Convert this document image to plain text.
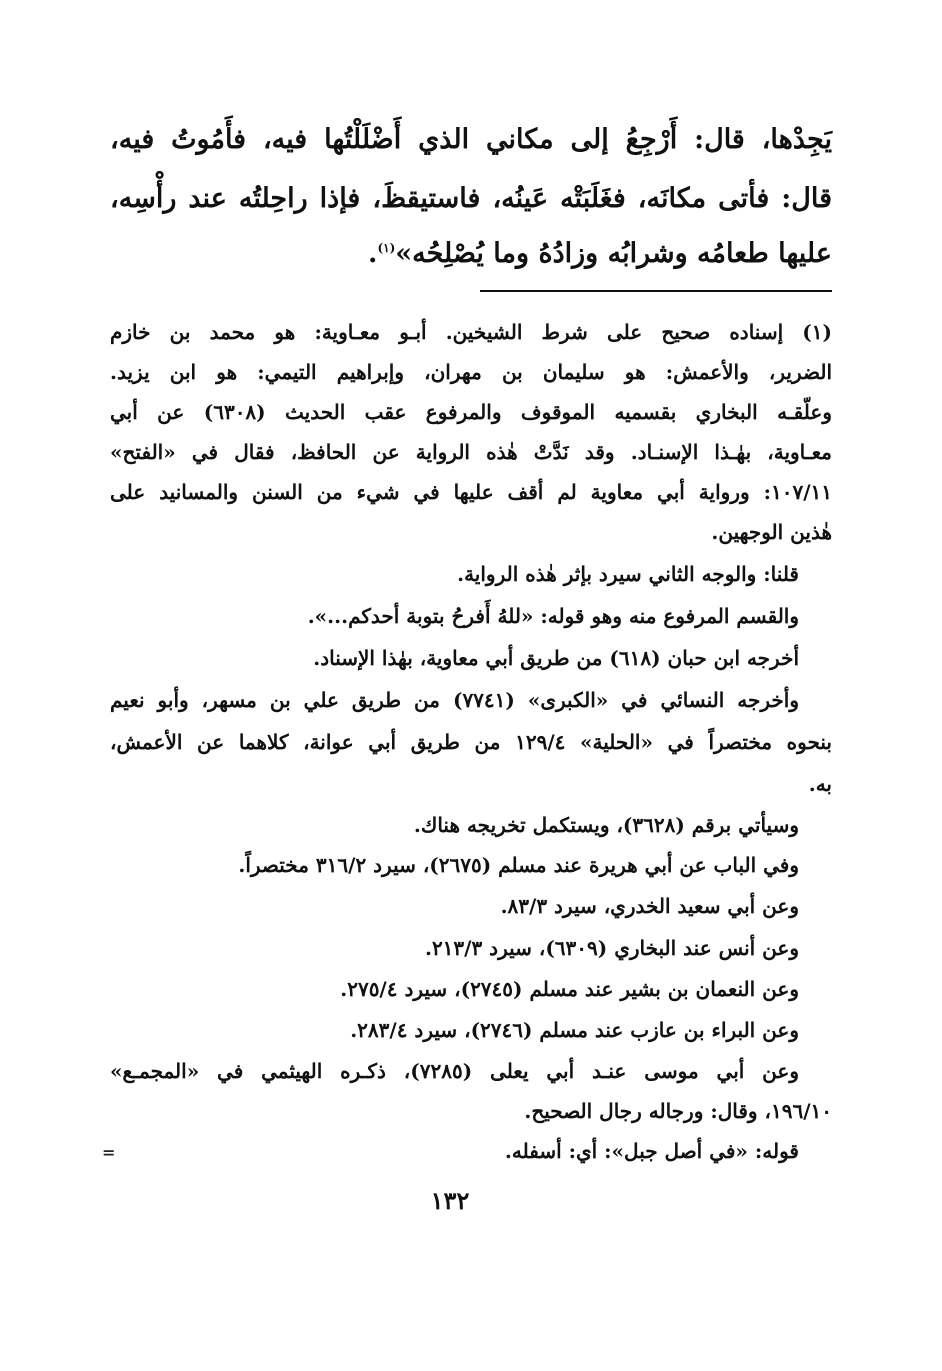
يَجِدْها، قال: أَرْجِعُ إلى مكاني الذي أَضْلَلْتُها فيه، فأَمُوتُ فيه،
قال: فأتى مكانَه، فغَلَبَتْه عَينُه، فاستيقظَ، فإذا راحِلتُه عند رأْسِه،
عليها طعامُه وشرابُه وزادُهُ وما يُصْلِحُه»$^{(١)}$.
(١) إسناده صحيح على شرط الشيخين. أبـو معـاوية: هو محمد بن خازم
الضرير، والأعمش: هو سليمان بن مهران، وإبراهيم التيمي: هو ابن يزيد.
وعلّقـه البخاري بقسميه الموقوف والمرفوع عقب الحديث (٦٣٠٨) عن أبي
معـاوية، بهٰـذا الإسنـاد. وقد نَدَّتْ هٰذه الرواية عن الحافظ، فقال في «الفتح»
١٠٧/١١: ورواية أبي معاوية لم أقف عليها في شيء من السنن والمسانيد على
هٰذين الوجهين.
قلنا: والوجه الثاني سيرد بإثر هٰذه الرواية.
والقسم المرفوع منه وهو قوله: «للهُ أَفرحُ بتوبة أحدكم...».
أخرجه ابن حبان (٦١٨) من طريق أبي معاوية، بهٰذا الإسناد.
وأخرجه النسائي في «الكبرى» (٧٧٤١) من طريق علي بن مسهر، وأبو نعيم
بنحوه مختصراً في «الحلية» ١٢٩/٤ من طريق أبي عوانة، كلاهما عن الأعمش،
به.
وسيأتي برقم (٣٦٢٨)، ويستكمل تخريجه هناك.
وفي الباب عن أبي هريرة عند مسلم (٢٦٧٥)، سيرد ٣١٦/٢ مختصراً.
وعن أبي سعيد الخدري، سيرد ٨٣/٣.
وعن أنس عند البخاري (٦٣٠٩)، سيرد ٢١٣/٣.
وعن النعمان بن بشير عند مسلم (٢٧٤٥)، سيرد ٢٧٥/٤.
وعن البراء بن عازب عند مسلم (٢٧٤٦)، سيرد ٢٨٣/٤.
وعن أبي موسى عنـد أبي يعلى (٧٢٨٥)، ذكـره الهيثمي في «المجمـع»
١٩٦/١٠، وقال: ورجاله رجال الصحيح.
قوله: «في أصل جبل»: أي: أسفله.
=
١٣٢
